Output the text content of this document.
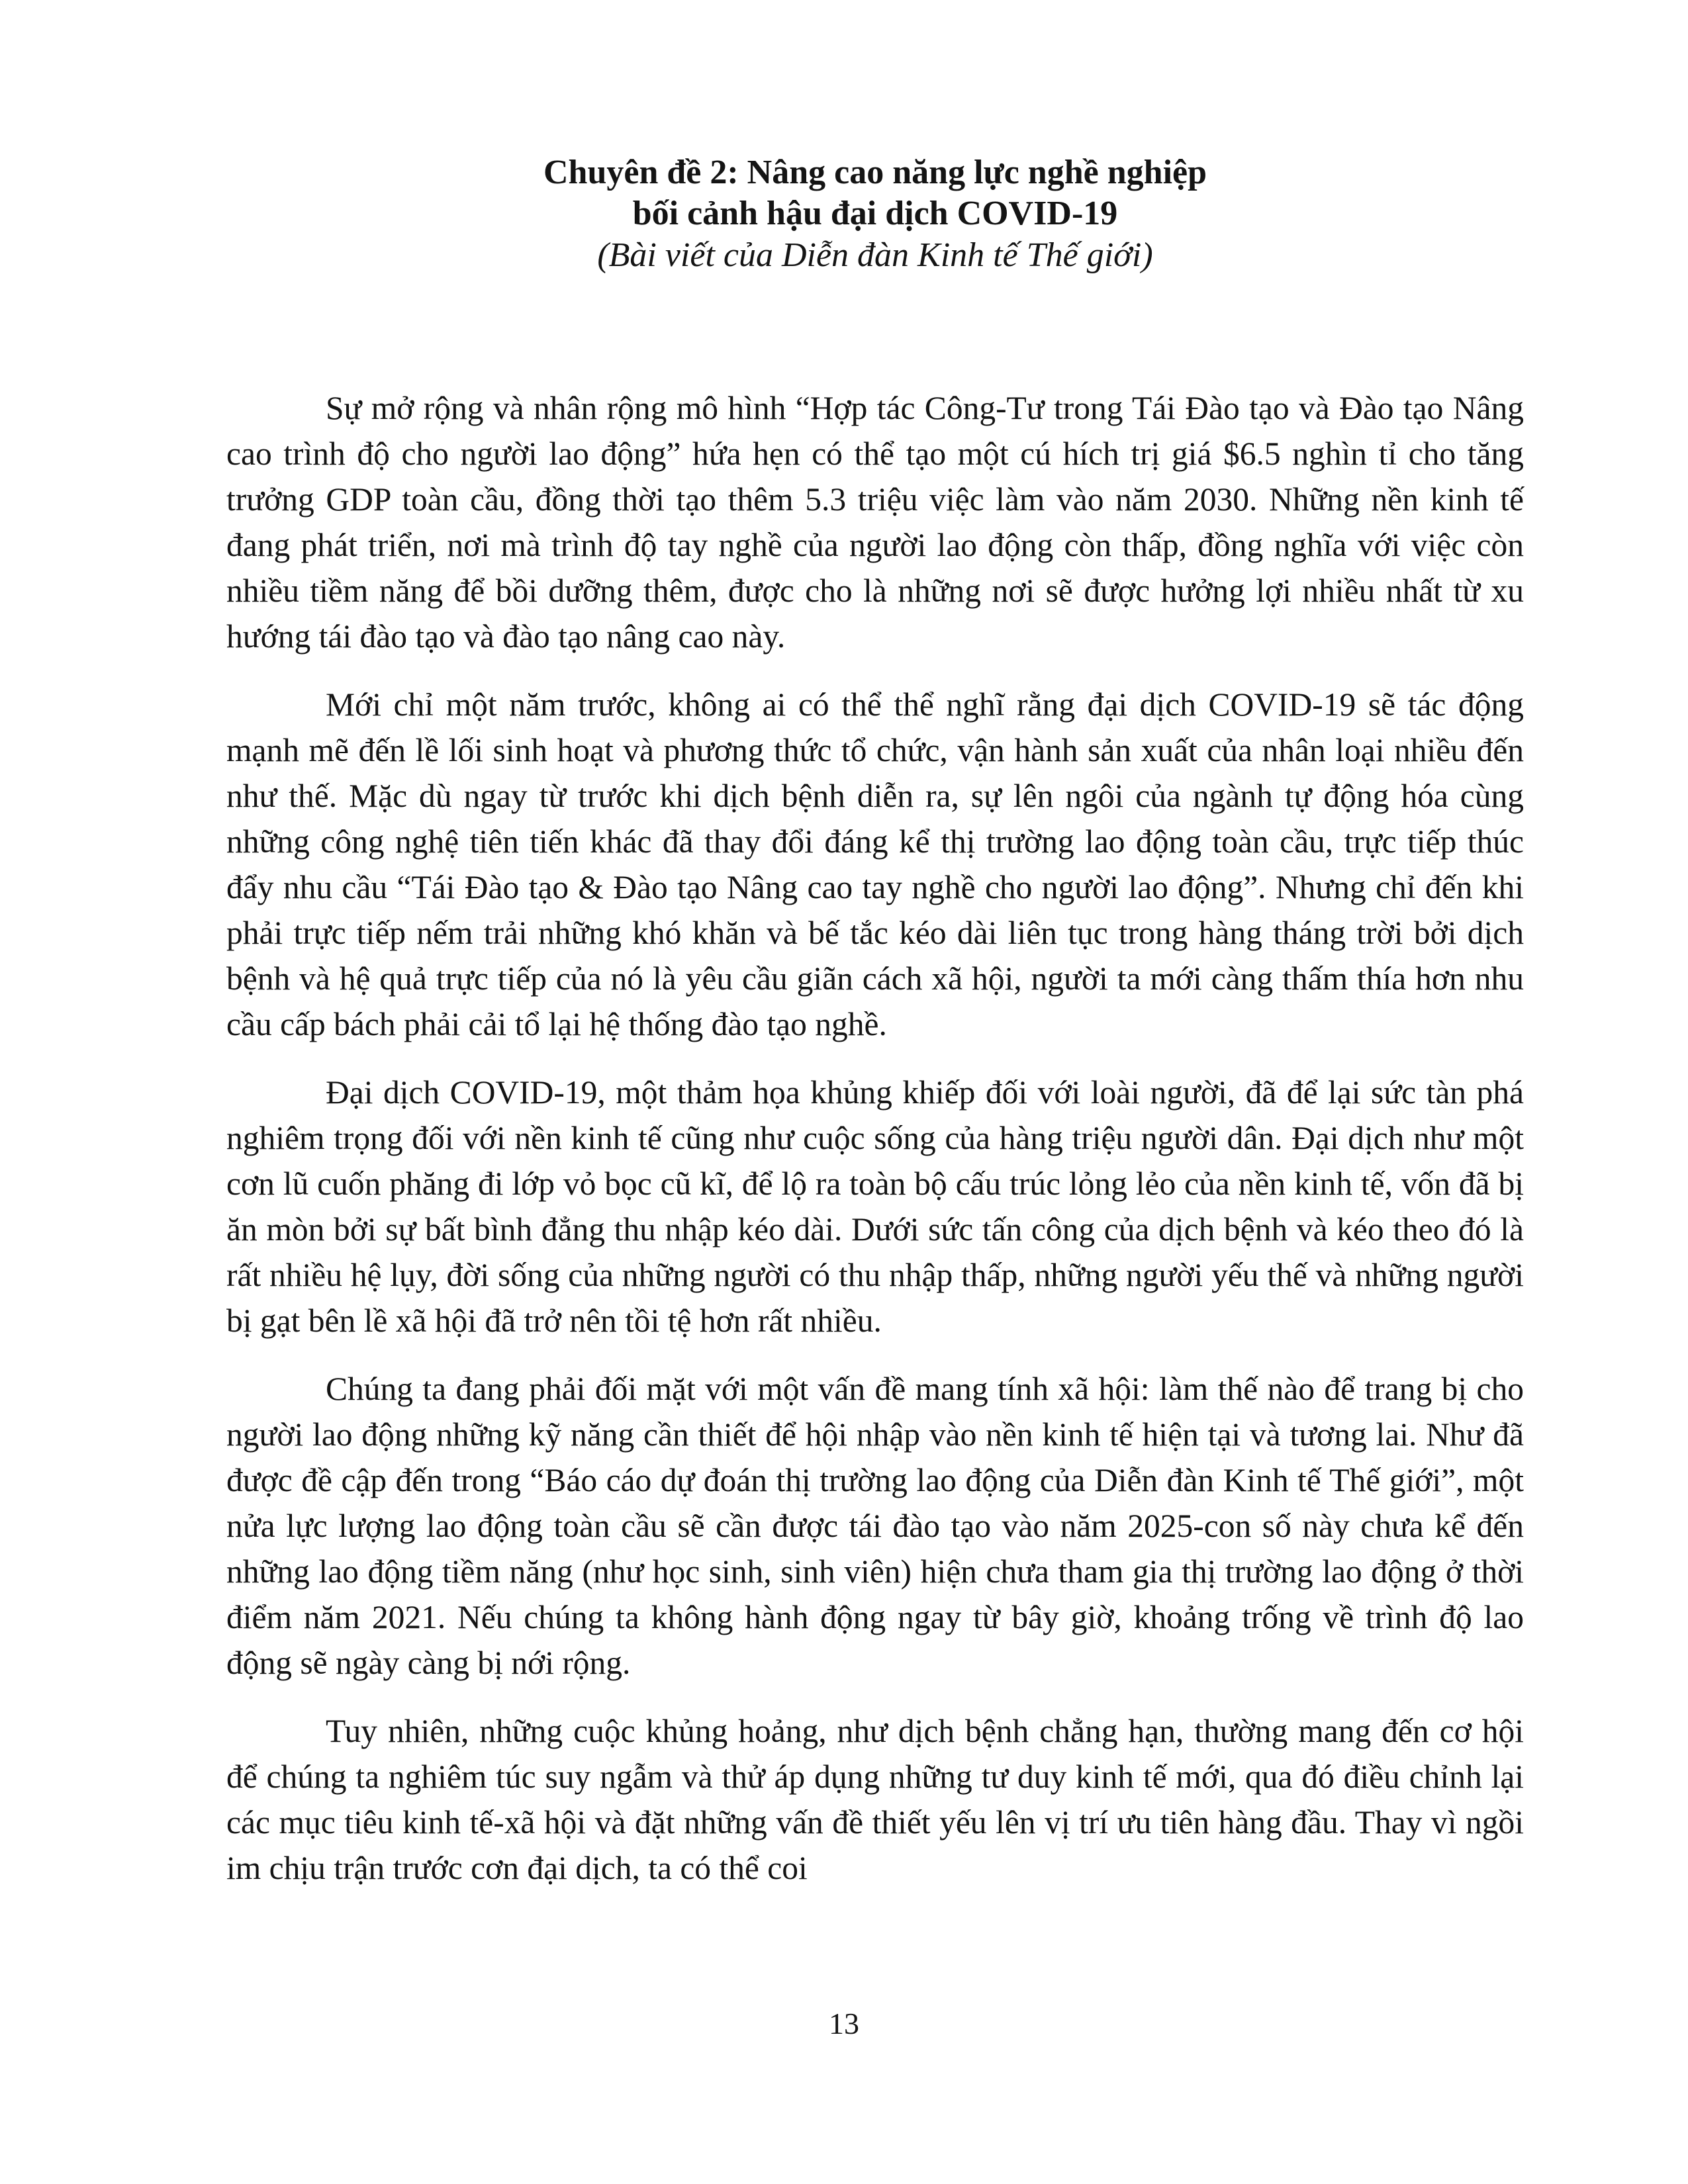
Chuyên đề 2: Nâng cao năng lực nghề nghiệp

bối cảnh hậu đại dịch COVID-19

(Bài viết của Diễn đàn Kinh tế Thế giới)

Sự mở rộng và nhân rộng mô hình “Hợp tác Công-Tư trong Tái Đào tạo và Đào tạo Nâng cao trình độ cho người lao động” hứa hẹn có thể tạo một cú hích trị giá $6.5 nghìn tỉ cho tăng trưởng GDP toàn cầu, đồng thời tạo thêm 5.3 triệu việc làm vào năm 2030. Những nền kinh tế đang phát triển, nơi mà trình độ tay nghề của người lao động còn thấp, đồng nghĩa với việc còn nhiều tiềm năng để bồi dưỡng thêm, được cho là những nơi sẽ được hưởng lợi nhiều nhất từ xu hướng tái đào tạo và đào tạo nâng cao này.

Mới chỉ một năm trước, không ai có thể thể nghĩ rằng đại dịch COVID-19 sẽ tác động mạnh mẽ đến lề lối sinh hoạt và phương thức tổ chức, vận hành sản xuất của nhân loại nhiều đến như thế. Mặc dù ngay từ trước khi dịch bệnh diễn ra, sự lên ngôi của ngành tự động hóa cùng những công nghệ tiên tiến khác đã thay đổi đáng kể thị trường lao động toàn cầu, trực tiếp thúc đẩy nhu cầu “Tái Đào tạo & Đào tạo Nâng cao tay nghề cho người lao động”. Nhưng chỉ đến khi phải trực tiếp nếm trải những khó khăn và bế tắc kéo dài liên tục trong hàng tháng trời bởi dịch bệnh và hệ quả trực tiếp của nó là yêu cầu giãn cách xã hội, người ta mới càng thấm thía hơn nhu cầu cấp bách phải cải tổ lại hệ thống đào tạo nghề.

Đại dịch COVID-19, một thảm họa khủng khiếp đối với loài người, đã để lại sức tàn phá nghiêm trọng đối với nền kinh tế cũng như cuộc sống của hàng triệu người dân. Đại dịch như một cơn lũ cuốn phăng đi lớp vỏ bọc cũ kĩ, để lộ ra toàn bộ cấu trúc lỏng lẻo của nền kinh tế, vốn đã bị ăn mòn bởi sự bất bình đẳng thu nhập kéo dài. Dưới sức tấn công của dịch bệnh và kéo theo đó là rất nhiều hệ lụy, đời sống của những người có thu nhập thấp, những người yếu thế và những người bị gạt bên lề xã hội đã trở nên tồi tệ hơn rất nhiều.

Chúng ta đang phải đối mặt với một vấn đề mang tính xã hội: làm thế nào để trang bị cho người lao động những kỹ năng cần thiết để hội nhập vào nền kinh tế hiện tại và tương lai. Như đã được đề cập đến trong “Báo cáo dự đoán thị trường lao động của Diễn đàn Kinh tế Thế giới”, một nửa lực lượng lao động toàn cầu sẽ cần được tái đào tạo vào năm 2025-con số này chưa kể đến những lao động tiềm năng (như học sinh, sinh viên) hiện chưa tham gia thị trường lao động ở thời điểm năm 2021. Nếu chúng ta không hành động ngay từ bây giờ, khoảng trống về trình độ lao động sẽ ngày càng bị nới rộng.

Tuy nhiên, những cuộc khủng hoảng, như dịch bệnh chẳng hạn, thường mang đến cơ hội để chúng ta nghiêm túc suy ngẫm và thử áp dụng những tư duy kinh tế mới, qua đó điều chỉnh lại các mục tiêu kinh tế-xã hội và đặt những vấn đề thiết yếu lên vị trí ưu tiên hàng đầu. Thay vì ngồi im chịu trận trước cơn đại dịch, ta có thể coi

13
